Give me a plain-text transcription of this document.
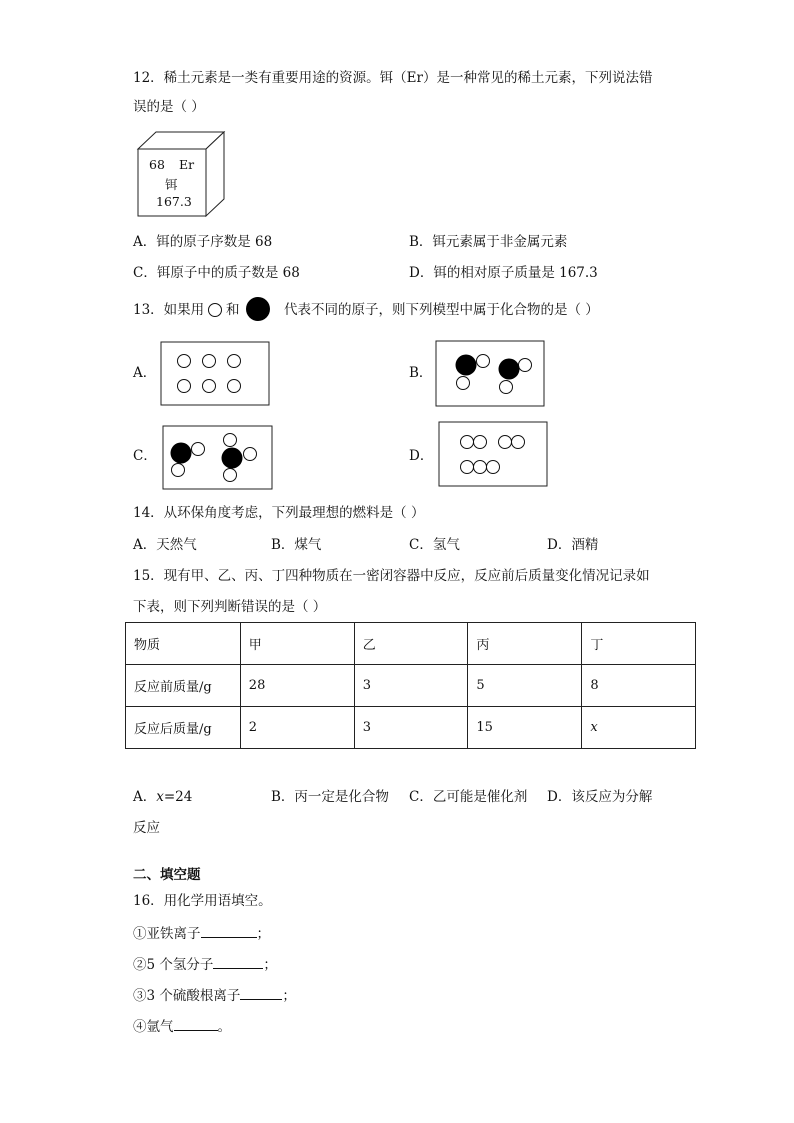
12．稀土元素是一类有重要用途的资源。铒（Er）是一种常见的稀土元素，下列说法错
误的是（ ）
68 Er
铒
167.3
A．铒的原子序数是 68	B．铒元素属于非金属元素
C．铒原子中的质子数是 68	D．铒的相对原子质量是 167.3
13．如果用 和	代表不同的原子，则下列模型中属于化合物的是（ ）
A．	B．
C．	D．
14．从环保角度考虑，下列最理想的燃料是（ ）
A．天然气	B．煤气	C．氢气	D．酒精
15．现有甲、乙、丙、丁四种物质在一密闭容器中反应，反应前后质量变化情况记录如
下表，则下列判断错误的是（ ）
物质	甲	乙	丙	丁
反应前质量/g	28	3	5	8
反应后质量/g	2	3	15	x
A．x=24	B．丙一定是化合物 C．乙可能是催化剂 D．该反应为分解
反应
二、填空题
16．用化学用语填空。
①亚铁离子	；
②5 个氢分子	；
③3 个硫酸根离子	；
④氩气	。
